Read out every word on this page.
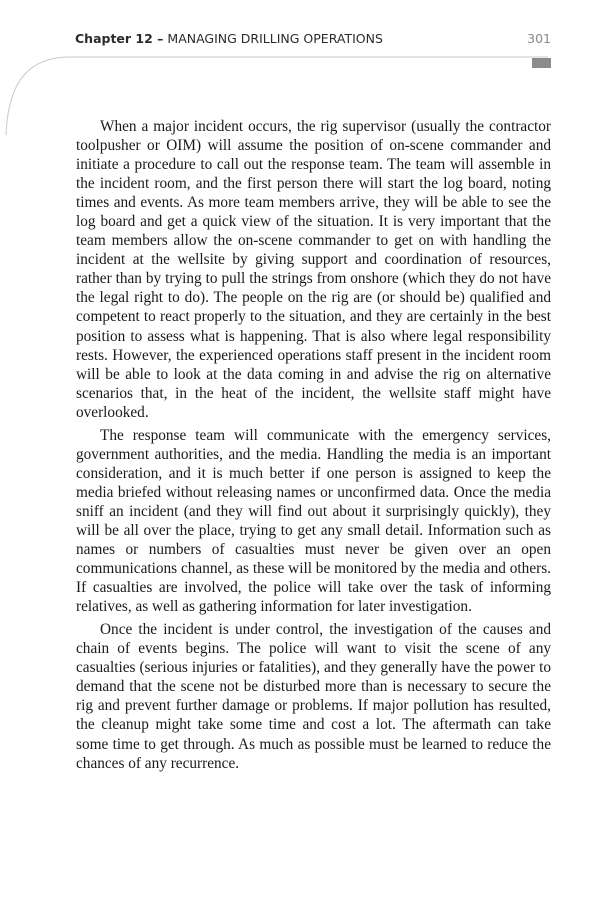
Chapter 12 – MANAGING DRILLING OPERATIONS	301

When a major incident occurs, the rig supervisor (usually the contractor toolpusher or OIM) will assume the position of on-scene commander and initiate a procedure to call out the response team. The team will assemble in the incident room, and the first person there will start the log board, noting times and events. As more team members arrive, they will be able to see the log board and get a quick view of the situation. It is very important that the team members allow the on-scene commander to get on with handling the incident at the wellsite by giving support and coordination of resources, rather than by trying to pull the strings from onshore (which they do not have the legal right to do). The people on the rig are (or should be) qualified and competent to react properly to the situation, and they are certainly in the best position to assess what is happening. That is also where legal responsibility rests. However, the experienced operations staff present in the incident room will be able to look at the data coming in and advise the rig on alternative scenarios that, in the heat of the incident, the wellsite staff might have overlooked.

The response team will communicate with the emergency services, government authorities, and the media. Handling the media is an important consideration, and it is much better if one person is assigned to keep the media briefed without releasing names or unconfirmed data. Once the media sniff an incident (and they will find out about it surprisingly quickly), they will be all over the place, trying to get any small detail. Information such as names or numbers of casualties must never be given over an open communications channel, as these will be monitored by the media and others. If casualties are involved, the police will take over the task of informing relatives, as well as gathering information for later investigation.

Once the incident is under control, the investigation of the causes and chain of events begins. The police will want to visit the scene of any casualties (serious injuries or fatalities), and they generally have the power to demand that the scene not be disturbed more than is necessary to secure the rig and prevent further damage or problems. If major pollution has resulted, the cleanup might take some time and cost a lot. The aftermath can take some time to get through. As much as possible must be learned to reduce the chances of any recurrence.
